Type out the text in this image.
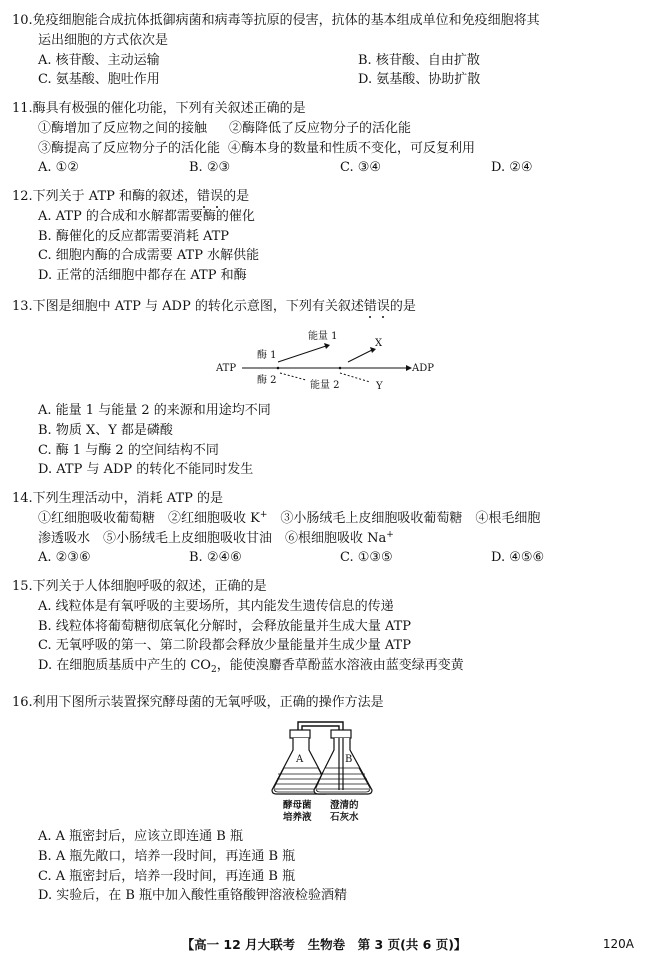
10.免疫细胞能合成抗体抵御病菌和病毒等抗原的侵害，抗体的基本组成单位和免疫细胞将其
运出细胞的方式依次是
A. 核苷酸、主动运输	B. 核苷酸、自由扩散
C. 氨基酸、胞吐作用	D. 氨基酸、协助扩散
11.酶具有极强的催化功能，下列有关叙述正确的是
①酶增加了反应物之间的接触 ②酶降低了反应物分子的活化能
③酶提高了反应物分子的活化能 ④酶本身的数量和性质不变化，可反复利用
A. ①②	B. ②③	C. ③④	D. ②④
12.下列关于 ATP 和酶的叙述，错误的是
A. ATP 的合成和水解都需要酶的催化
B. 酶催化的反应都需要消耗 ATP
C. 细胞内酶的合成需要 ATP 水解供能
D. 正常的活细胞中都存在 ATP 和酶
13.下图是细胞中 ATP 与 ADP 的转化示意图，下列有关叙述错误的是
ATP	ADP
酶 1
酶 2
能量 1
能量 2
X
Y
A. 能量 1 与能量 2 的来源和用途均不同
B. 物质 X、Y 都是磷酸
C. 酶 1 与酶 2 的空间结构不同
D. ATP 与 ADP 的转化不能同时发生
14.下列生理活动中，消耗 ATP 的是
①红细胞吸收葡萄糖　②红细胞吸收 K+　③小肠绒毛上皮细胞吸收葡萄糖　④根毛细胞
渗透吸水　⑤小肠绒毛上皮细胞吸收甘油　⑥根细胞吸收 Na+
A. ②③⑥	B. ②④⑥	C. ①③⑤	D. ④⑤⑥
15.下列关于人体细胞呼吸的叙述，正确的是
A. 线粒体是有氧呼吸的主要场所，其内能发生遗传信息的传递
B. 线粒体将葡萄糖彻底氧化分解时，会释放能量并生成大量 ATP
C. 无氧呼吸的第一、第二阶段都会释放少量能量并生成少量 ATP
D. 在细胞质基质中产生的 $CO_2$，能使溴麝香草酚蓝水溶液由蓝变绿再变黄
16.利用下图所示装置探究酵母菌的无氧呼吸，正确的操作方法是
A	B
酵母菌
培养液
澄清的
石灰水
A. A 瓶密封后，应该立即连通 B 瓶
B. A 瓶先敞口，培养一段时间，再连通 B 瓶
C. A 瓶密封后，培养一段时间，再连通 B 瓶
D. 实验后，在 B 瓶中加入酸性重铬酸钾溶液检验酒精
【高一 12 月大联考　生物卷　第 3 页(共 6 页)】	120A
